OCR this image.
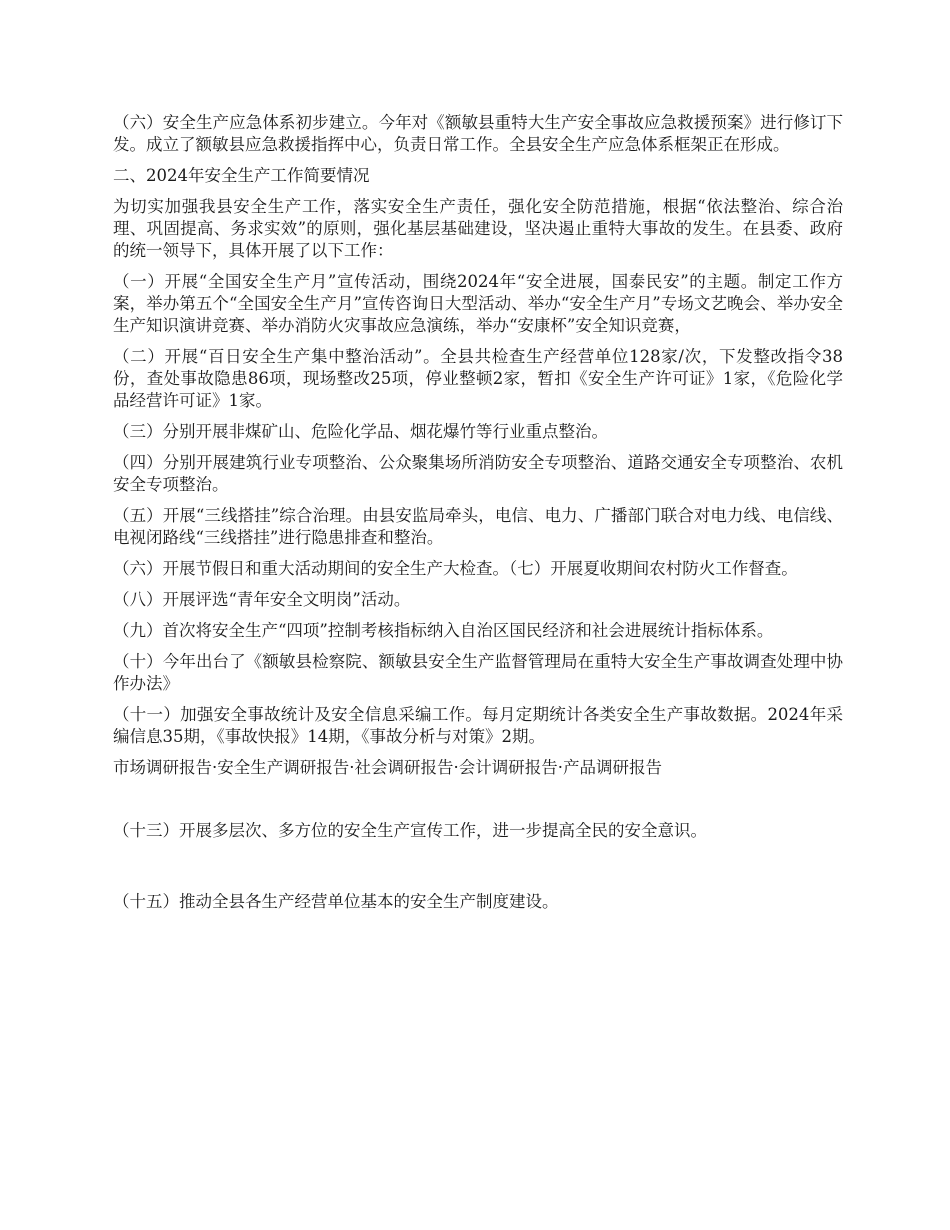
（六）安全生产应急体系初步建立。今年对《额敏县重特大生产安全事故应急救援预案》进行修订下发。成立了额敏县应急救援指挥中心，负责日常工作。全县安全生产应急体系框架正在形成。

二、2024年安全生产工作简要情况

为切实加强我县安全生产工作，落实安全生产责任，强化安全防范措施，根据“依法整治、综合治理、巩固提高、务求实效”的原则，强化基层基础建设，坚决遏止重特大事故的发生。在县委、政府的统一领导下，具体开展了以下工作：

（一）开展“全国安全生产月”宣传活动，围绕2024年“安全进展，国泰民安”的主题。制定工作方案，举办第五个“全国安全生产月”宣传咨询日大型活动、举办“安全生产月”专场文艺晚会、举办安全生产知识演讲竞赛、举办消防火灾事故应急演练，举办“安康杯”安全知识竞赛，

（二）开展“百日安全生产集中整治活动”。全县共检查生产经营单位128家/次，下发整改指令38份，查处事故隐患86项，现场整改25项，停业整顿2家，暂扣《安全生产许可证》1家，《危险化学品经营许可证》1家。

（三）分别开展非煤矿山、危险化学品、烟花爆竹等行业重点整治。

（四）分别开展建筑行业专项整治、公众聚集场所消防安全专项整治、道路交通安全专项整治、农机安全专项整治。

（五）开展“三线搭挂”综合治理。由县安监局牵头，电信、电力、广播部门联合对电力线、电信线、电视闭路线“三线搭挂”进行隐患排查和整治。

（六）开展节假日和重大活动期间的安全生产大检查。（七）开展夏收期间农村防火工作督查。

（八）开展评选“青年安全文明岗”活动。

（九）首次将安全生产“四项”控制考核指标纳入自治区国民经济和社会进展统计指标体系。

（十）今年出台了《额敏县检察院、额敏县安全生产监督管理局在重特大安全生产事故调查处理中协作办法》

（十一）加强安全事故统计及安全信息采编工作。每月定期统计各类安全生产事故数据。2024年采编信息35期，《事故快报》14期，《事故分析与对策》2期。

市场调研报告·安全生产调研报告·社会调研报告·会计调研报告·产品调研报告

（十三）开展多层次、多方位的安全生产宣传工作，进一步提高全民的安全意识。

（十五）推动全县各生产经营单位基本的安全生产制度建设。
